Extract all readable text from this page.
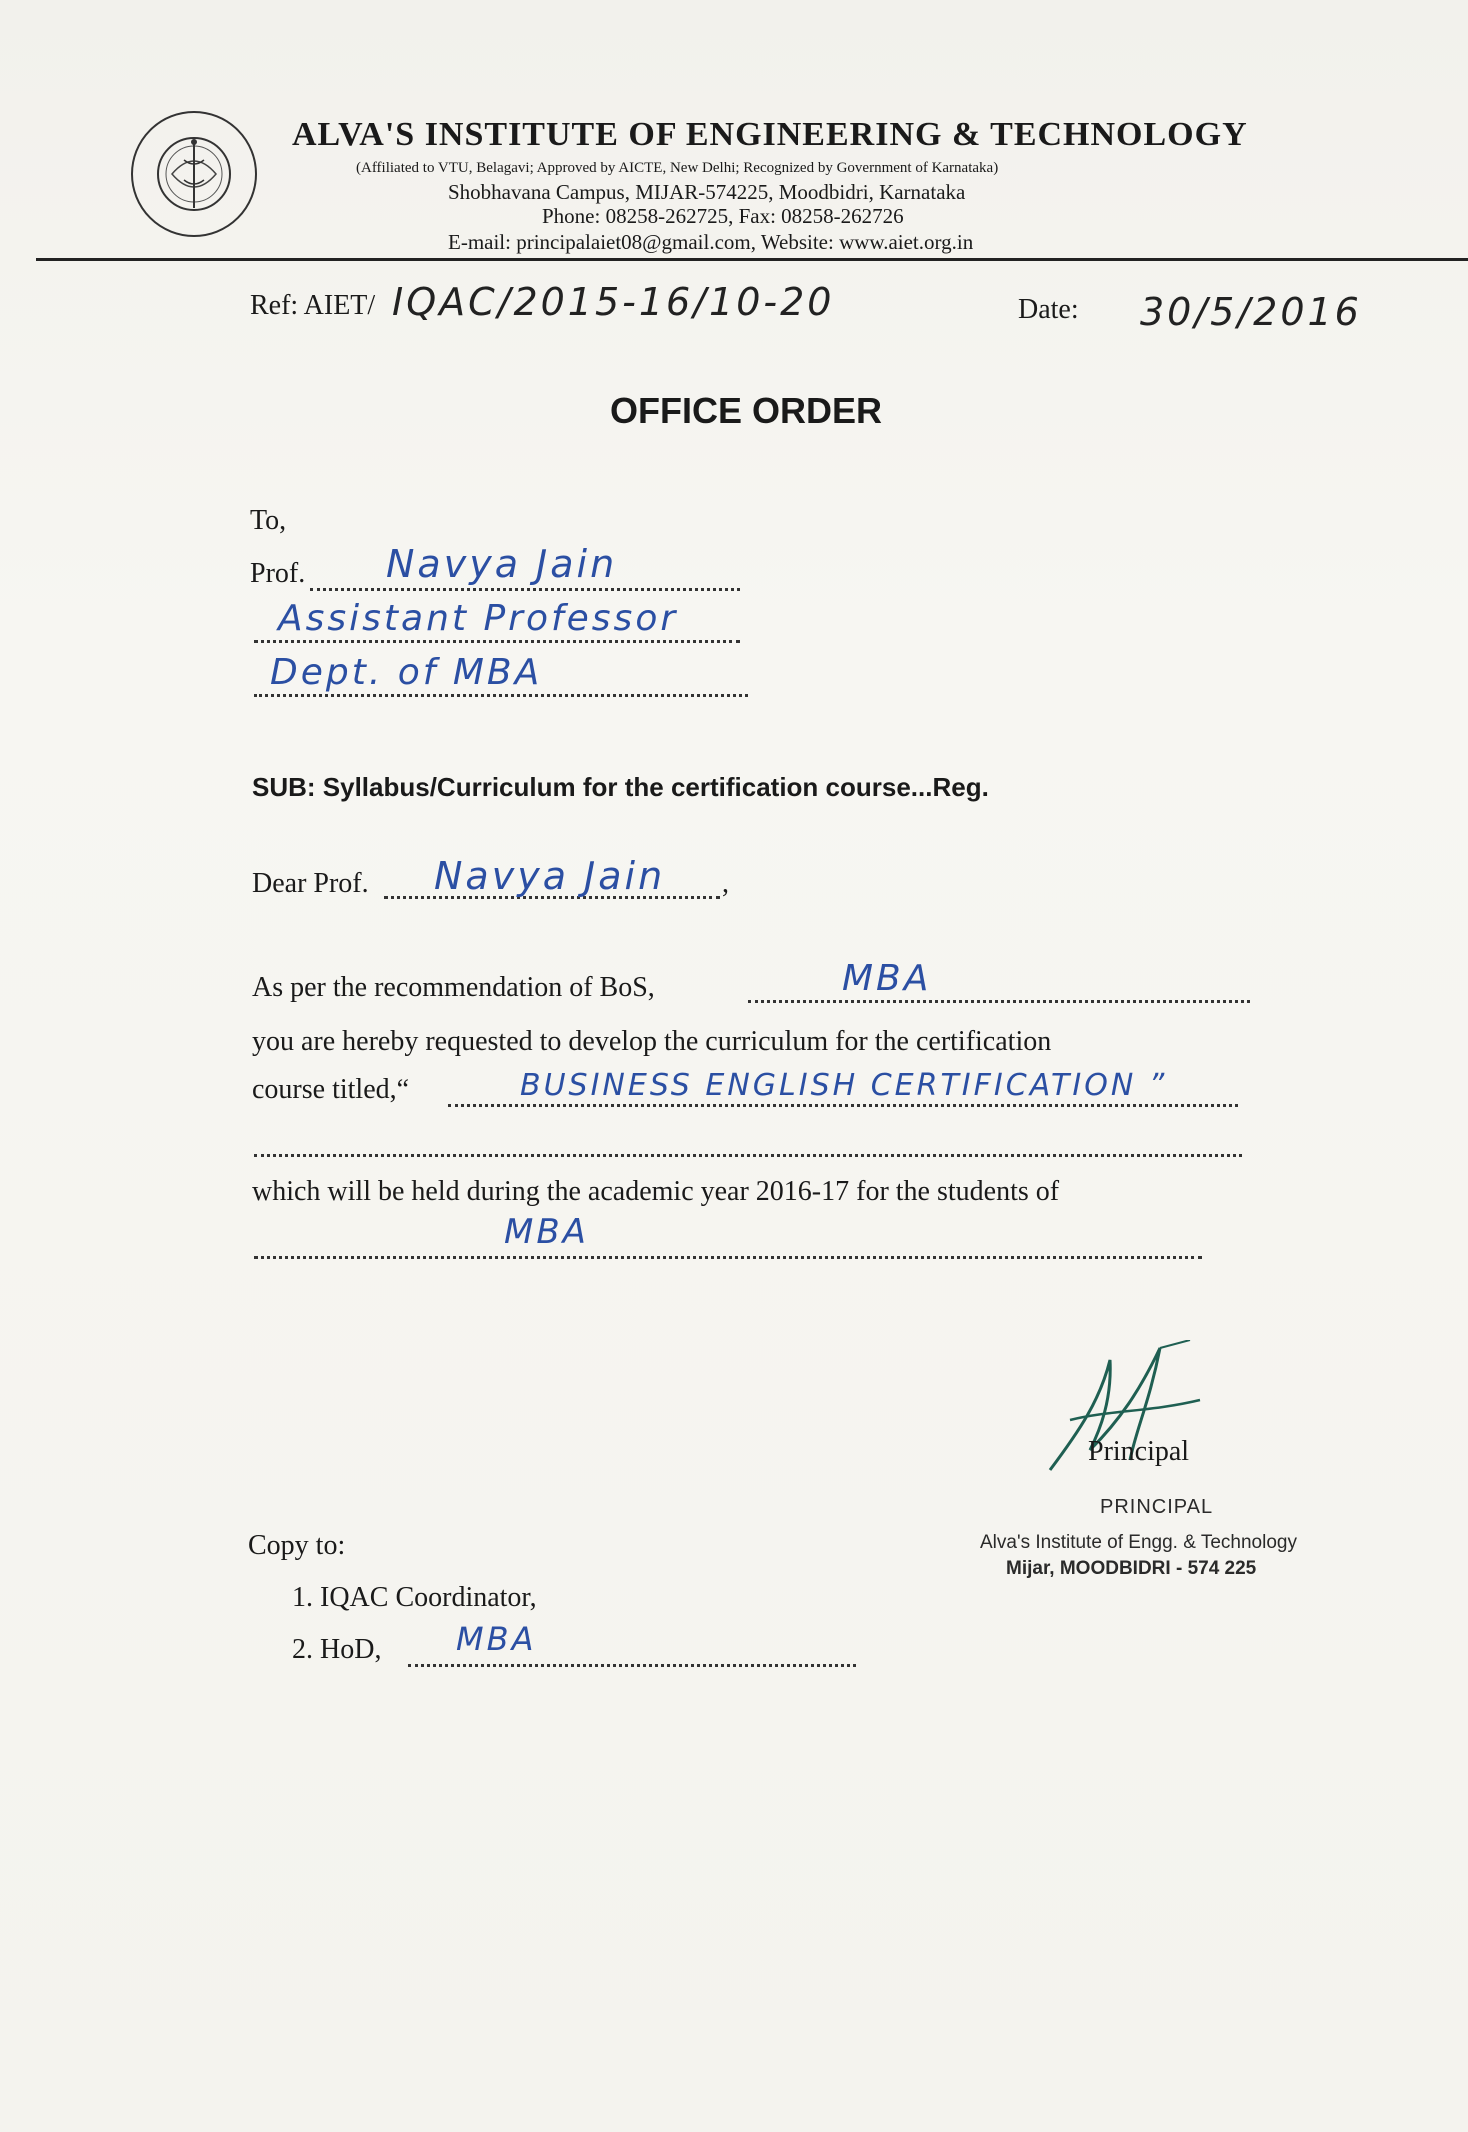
ALVA'S INSTITUTE OF ENGINEERING & TECHNOLOGY
(Affiliated to VTU, Belagavi; Approved by AICTE, New Delhi; Recognized by Government of Karnataka)
Shobhavana Campus, MIJAR-574225, Moodbidri, Karnataka
Phone: 08258-262725, Fax: 08258-262726
E-mail: principalaiet08@gmail.com, Website: www.aiet.org.in
Ref: AIET/ IQAC/2015-16/10-20	Date: 30/5/2016
OFFICE ORDER
To,
Prof. Navya Jain
Assistant Professor
Dept. of MBA
SUB: Syllabus/Curriculum for the certification course...Reg.
Dear Prof. Navya Jain ,
As per the recommendation of BoS,	MBA
you are hereby requested to develop the curriculum for the certification
course titled,“	BUSINESS ENGLISH CERTIFICATION ”
which will be held during the academic year 2016-17 for the students of
MBA
Principal
PRINCIPAL
Alva's Institute of Engg. & Technology
Mijar, MOODBIDRI - 574 225
Copy to:
1. IQAC Coordinator,
2. HoD, MBA
